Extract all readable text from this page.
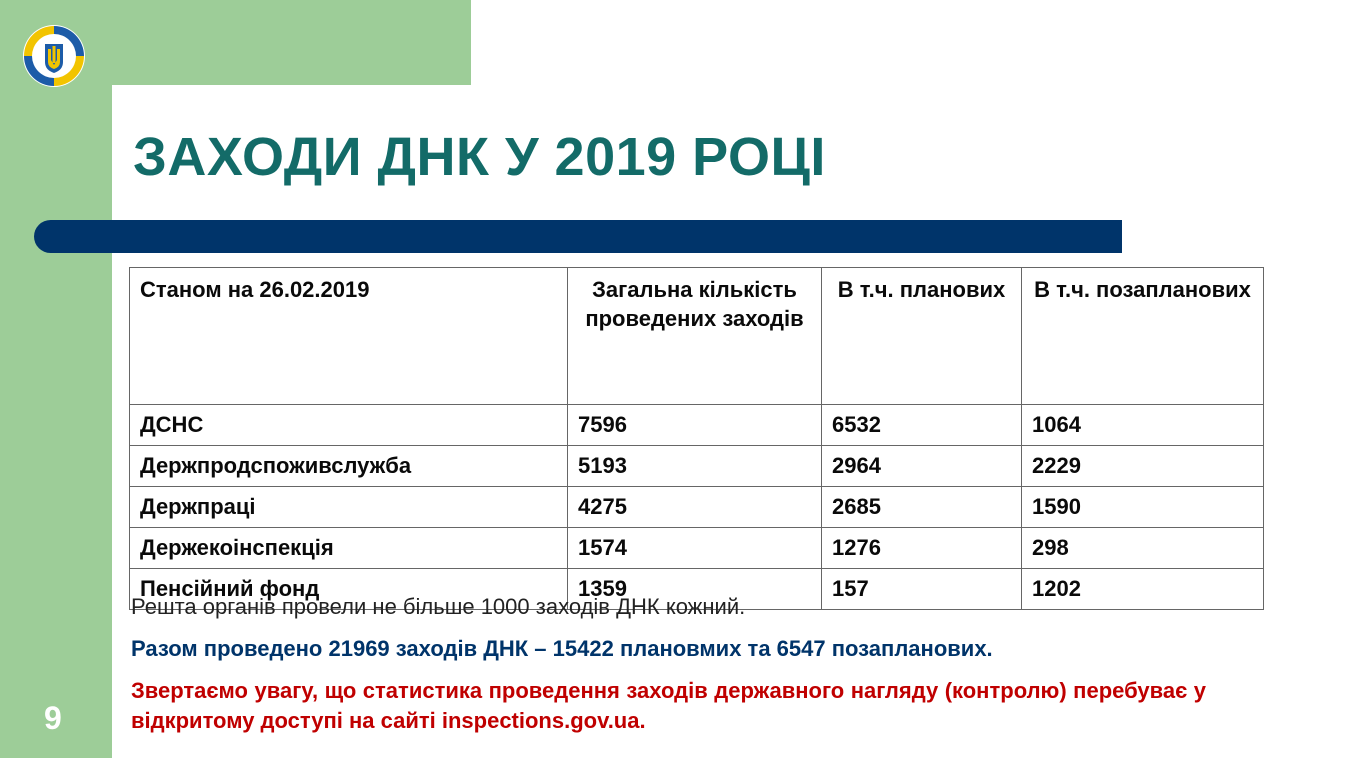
9
ЗАХОДИ ДНК У 2019 РОЦІ
Станом на 26.02.2019	Загальна кількість проведених заходів	В т.ч. планових	В т.ч. позапланових
ДСНС	7596	6532	1064
Держпродспоживслужба	5193	2964	2229
Держпраці	4275	2685	1590
Держекоінспекція	1574	1276	298
Пенсійний фонд	1359	157	1202

Решта органів провели не більше 1000 заходів ДНК кожний.

Разом проведено 21969 заходів ДНК – 15422 плановмих та 6547 позапланових.

Звертаємо увагу, що статистика проведення заходів державного нагляду (контролю) перебуває у відкритому доступі на сайті inspections.gov.ua.
